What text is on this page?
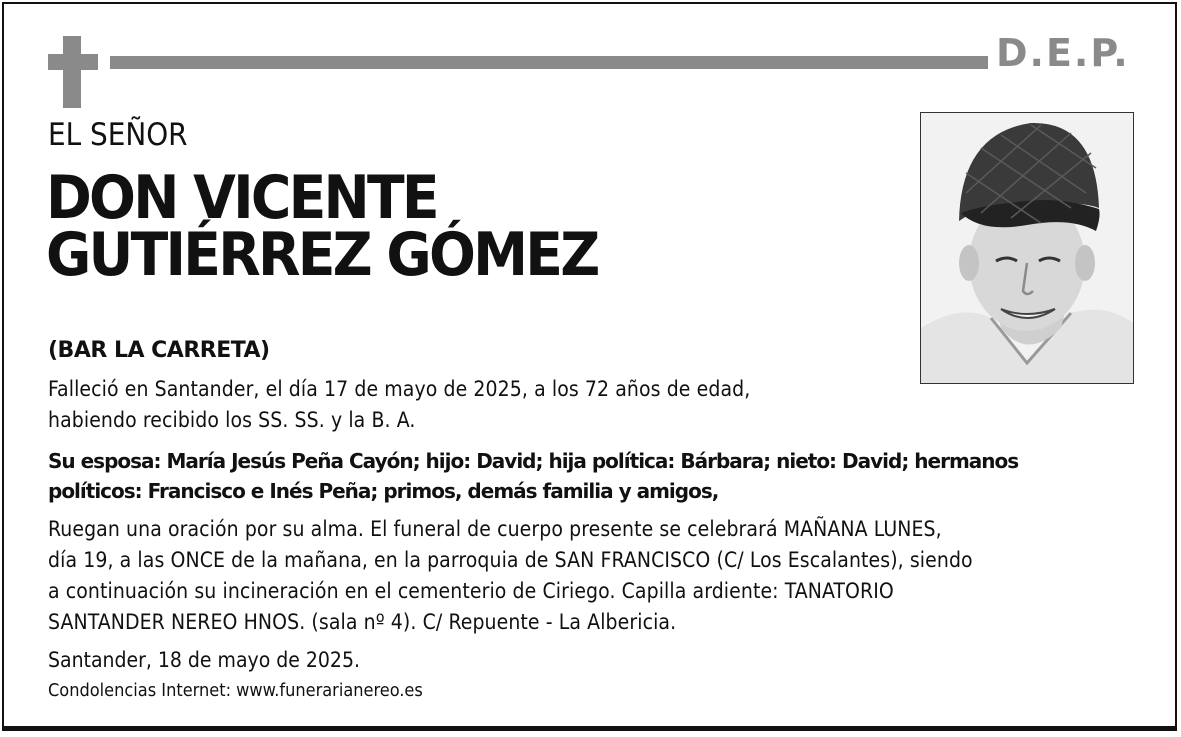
D.E.P.
EL SEÑOR
DON VICENTE
GUTIÉRREZ GÓMEZ
(BAR LA CARRETA)
Falleció en Santander, el día 17 de mayo de 2025, a los 72 años de edad,
habiendo recibido los SS. SS. y la B. A.
Su esposa: María Jesús Peña Cayón; hijo: David; hija política: Bárbara; nieto: David; hermanos
políticos: Francisco e Inés Peña; primos, demás familia y amigos,
Ruegan una oración por su alma. El funeral de cuerpo presente se celebrará MAÑANA LUNES,
día 19, a las ONCE de la mañana, en la parroquia de SAN FRANCISCO (C/ Los Escalantes), siendo
a continuación su incineración en el cementerio de Ciriego. Capilla ardiente: TANATORIO
SANTANDER NEREO HNOS. (sala nº 4). C/ Repuente - La Albericia.
Santander, 18 de mayo de 2025.
Condolencias Internet: www.funerarianereo.es
